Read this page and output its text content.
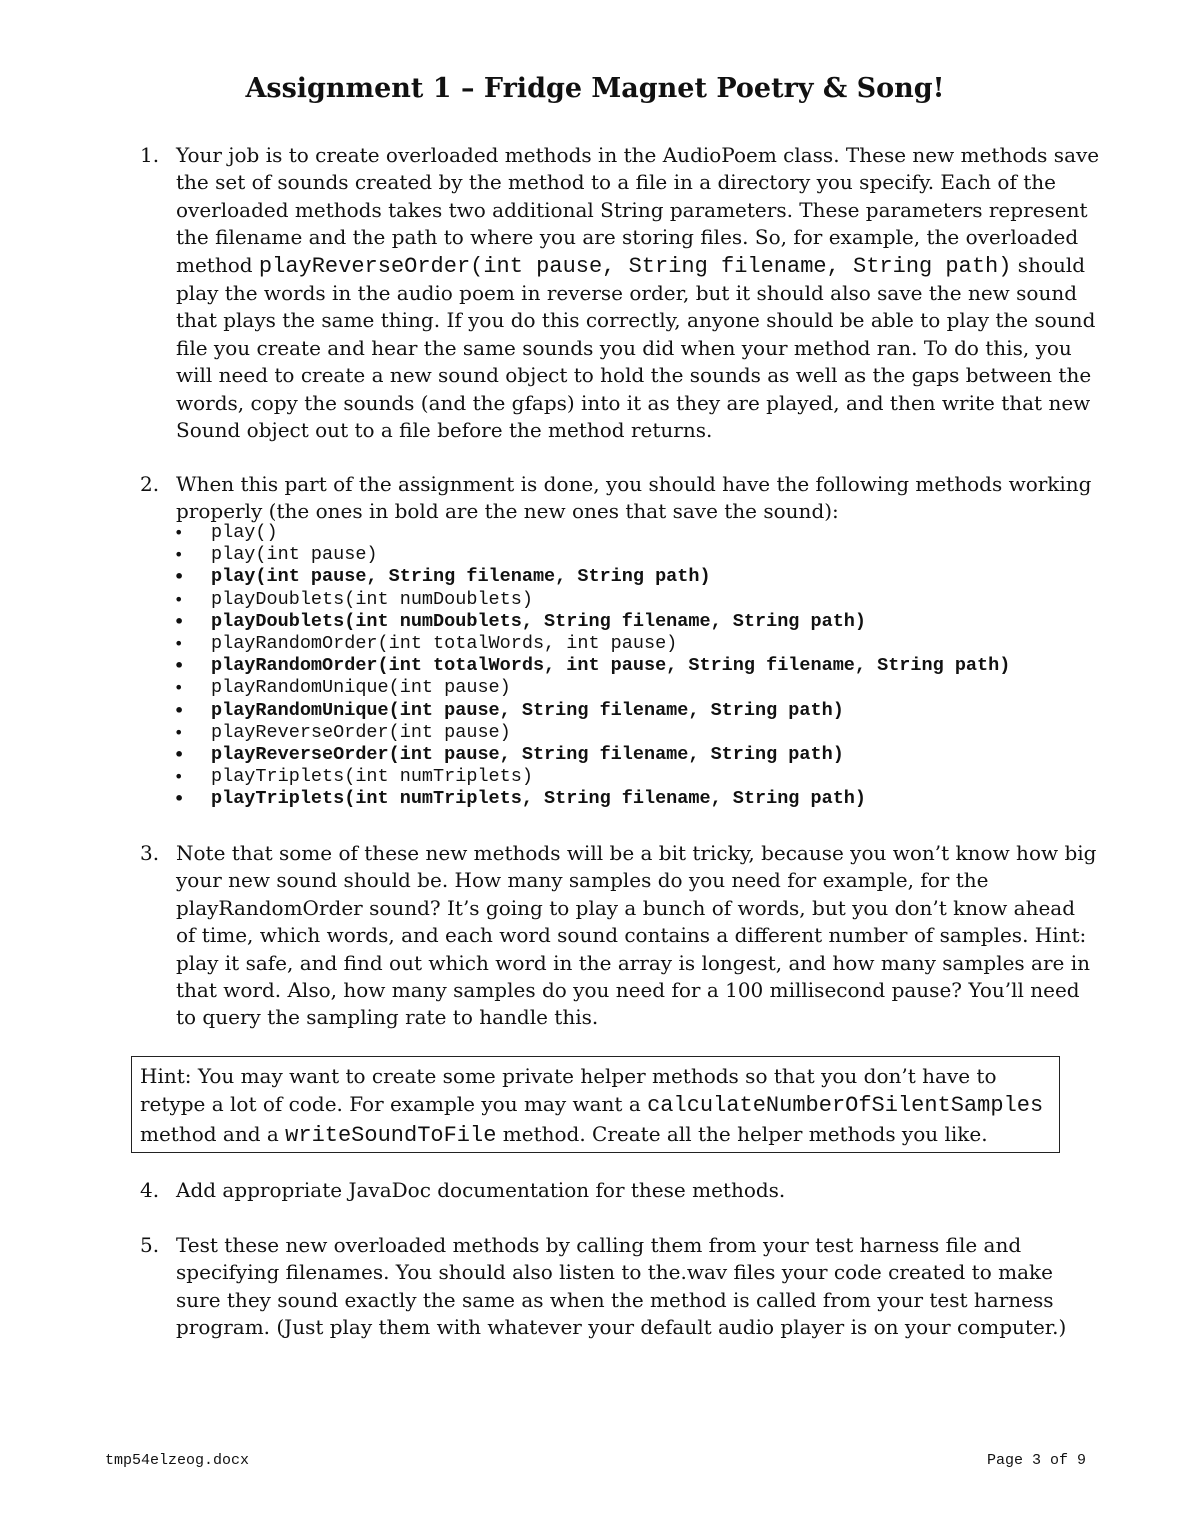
Assignment 1 – Fridge Magnet Poetry & Song!
1. Your job is to create overloaded methods in the AudioPoem class. These new methods save the set of sounds created by the method to a file in a directory you specify. Each of the overloaded methods takes two additional String parameters. These parameters represent the filename and the path to where you are storing files. So, for example, the overloaded method playReverseOrder(int pause, String filename, String path) should play the words in the audio poem in reverse order, but it should also save the new sound that plays the same thing. If you do this correctly, anyone should be able to play the sound file you create and hear the same sounds you did when your method ran. To do this, you will need to create a new sound object to hold the sounds as well as the gaps between the words, copy the sounds (and the gfaps) into it as they are played, and then write that new Sound object out to a file before the method returns.
2. When this part of the assignment is done, you should have the following methods working properly (the ones in bold are the new ones that save the sound):
• play()
• play(int pause)
• play(int pause, String filename, String path)
• playDoublets(int numDoublets)
• playDoublets(int numDoublets, String filename, String path)
• playRandomOrder(int totalWords, int pause)
• playRandomOrder(int totalWords, int pause, String filename, String path)
• playRandomUnique(int pause)
• playRandomUnique(int pause, String filename, String path)
• playReverseOrder(int pause)
• playReverseOrder(int pause, String filename, String path)
• playTriplets(int numTriplets)
• playTriplets(int numTriplets, String filename, String path)
3. Note that some of these new methods will be a bit tricky, because you won’t know how big your new sound should be. How many samples do you need for example, for the playRandomOrder sound? It’s going to play a bunch of words, but you don’t know ahead of time, which words, and each word sound contains a different number of samples. Hint: play it safe, and find out which word in the array is longest, and how many samples are in that word. Also, how many samples do you need for a 100 millisecond pause? You’ll need to query the sampling rate to handle this.
Hint: You may want to create some private helper methods so that you don’t have to retype a lot of code. For example you may want a calculateNumberOfSilentSamples method and a writeSoundToFile method. Create all the helper methods you like.
4. Add appropriate JavaDoc documentation for these methods.
5. Test these new overloaded methods by calling them from your test harness file and specifying filenames. You should also listen to the.wav files your code created to make sure they sound exactly the same as when the method is called from your test harness program. (Just play them with whatever your default audio player is on your computer.)
tmp54elzeog.docx	Page 3 of 9
